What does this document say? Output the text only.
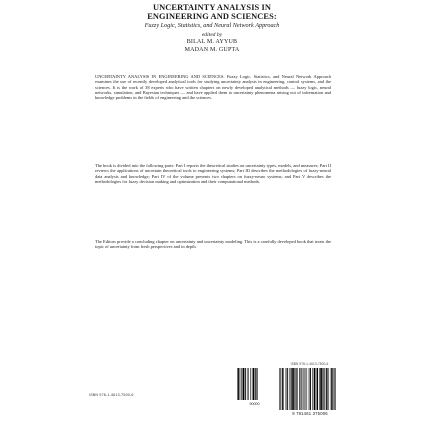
UNCERTAINTY ANALYSIS IN
ENGINEERING AND SCIENCES:
Fuzzy Logic, Statistics, and Neural Network Approach
edited by
BILAL M. AYYUB
MADAN M. GUPTA
UNCERTAINTY ANALYSIS IN ENGINEERING AND SCIENCES: Fuzzy Logic, Statistics, and Neural Network Approach examines the use of recently developed analytical tools for studying uncertainty analysis in engineering, control systems, and the sciences. It is the work of 38 experts who have written chapters on newly developed analytical methods — fuzzy logic, neural networks, simulation, and Bayesian techniques — and have applied them to uncertainty phenomena arising out of information and knowledge problems in the fields of engineering and the sciences.
The book is divided into the following parts: Part I reports the theoretical studies on uncertainty types, models, and measures; Part II reviews the applications of uncertain theoretical tools to engineering systems; Part III describes the methodologies of fuzzy-neural data analysis and knowledge; Part IV of the volume presents two chapters on fuzzy-neuro systems; and Part V describes the methodologies for fuzzy decision making and optimization and their computational methods.
The Editors provide a concluding chapter on uncertainty and uncertainty modeling. This is a carefully developed book that treats the topic of uncertainty from fresh perspectives and in depth.
ISBN 978-1-4613-7500-6
90000
ISBN 978-1-4613-7500-6
9 781461 375006
